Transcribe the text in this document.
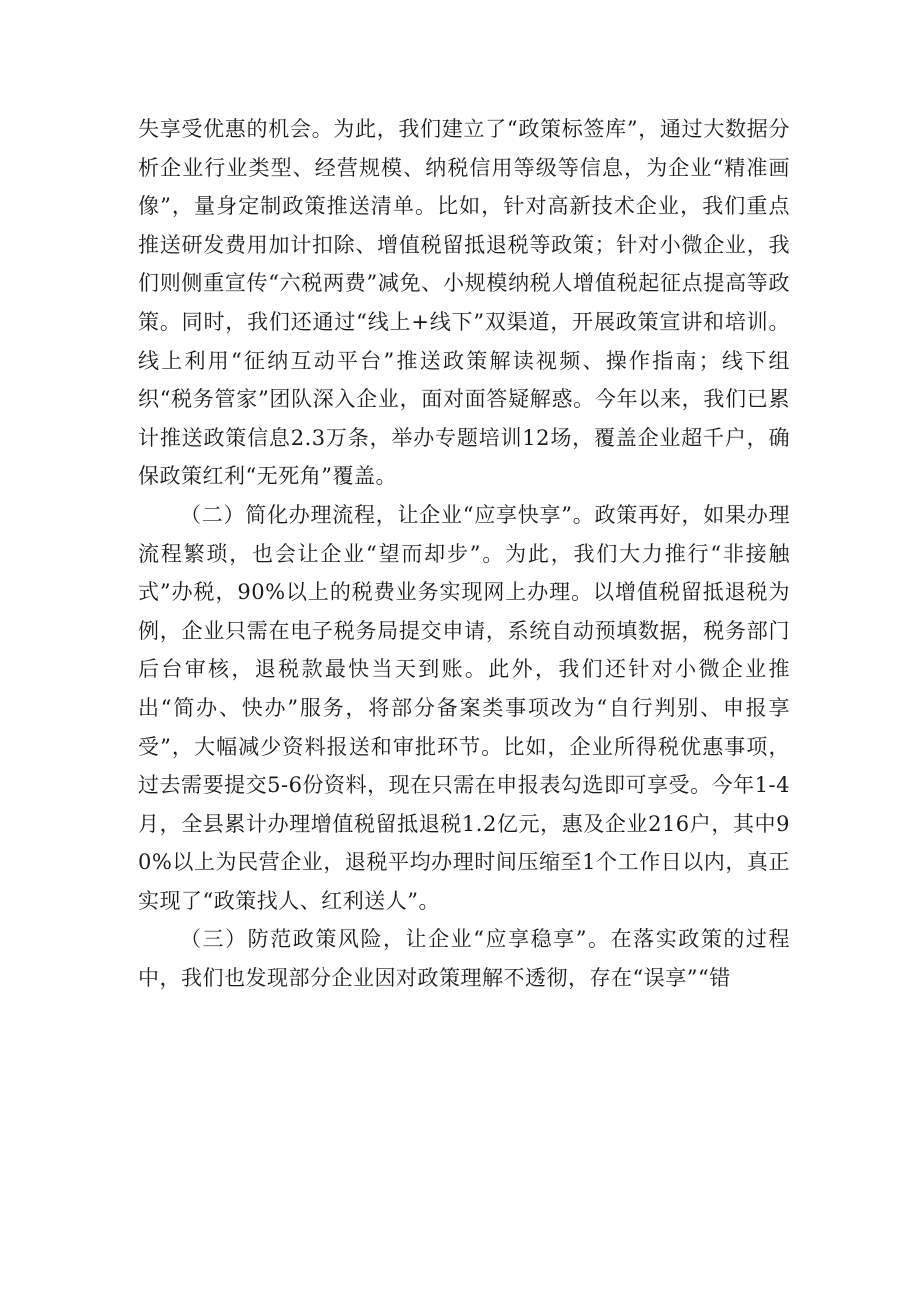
失享受优惠的机会。为此，我们建立了“政策标签库”，通过大数据分析企业行业类型、经营规模、纳税信用等级等信息，为企业“精准画像”，量身定制政策推送清单。比如，针对高新技术企业，我们重点推送研发费用加计扣除、增值税留抵退税等政策；针对小微企业，我们则侧重宣传“六税两费”减免、小规模纳税人增值税起征点提高等政策。同时，我们还通过“线上+线下”双渠道，开展政策宣讲和培训。线上利用“征纳互动平台”推送政策解读视频、操作指南；线下组织“税务管家”团队深入企业，面对面答疑解惑。今年以来，我们已累计推送政策信息2.3万条，举办专题培训12场，覆盖企业超千户，确保政策红利“无死角”覆盖。

（二）简化办理流程，让企业“应享快享”。政策再好，如果办理流程繁琐，也会让企业“望而却步”。为此，我们大力推行“非接触式”办税，90%以上的税费业务实现网上办理。以增值税留抵退税为例，企业只需在电子税务局提交申请，系统自动预填数据，税务部门后台审核，退税款最快当天到账。此外，我们还针对小微企业推出“简办、快办”服务，将部分备案类事项改为“自行判别、申报享受”，大幅减少资料报送和审批环节。比如，企业所得税优惠事项，过去需要提交5-6份资料，现在只需在申报表勾选即可享受。今年1-4月，全县累计办理增值税留抵退税1.2亿元，惠及企业216户，其中90%以上为民营企业，退税平均办理时间压缩至1个工作日以内，真正实现了“政策找人、红利送人”。

（三）防范政策风险，让企业“应享稳享”。在落实政策的过程中，我们也发现部分企业因对政策理解不透彻，存在“误享”“错
